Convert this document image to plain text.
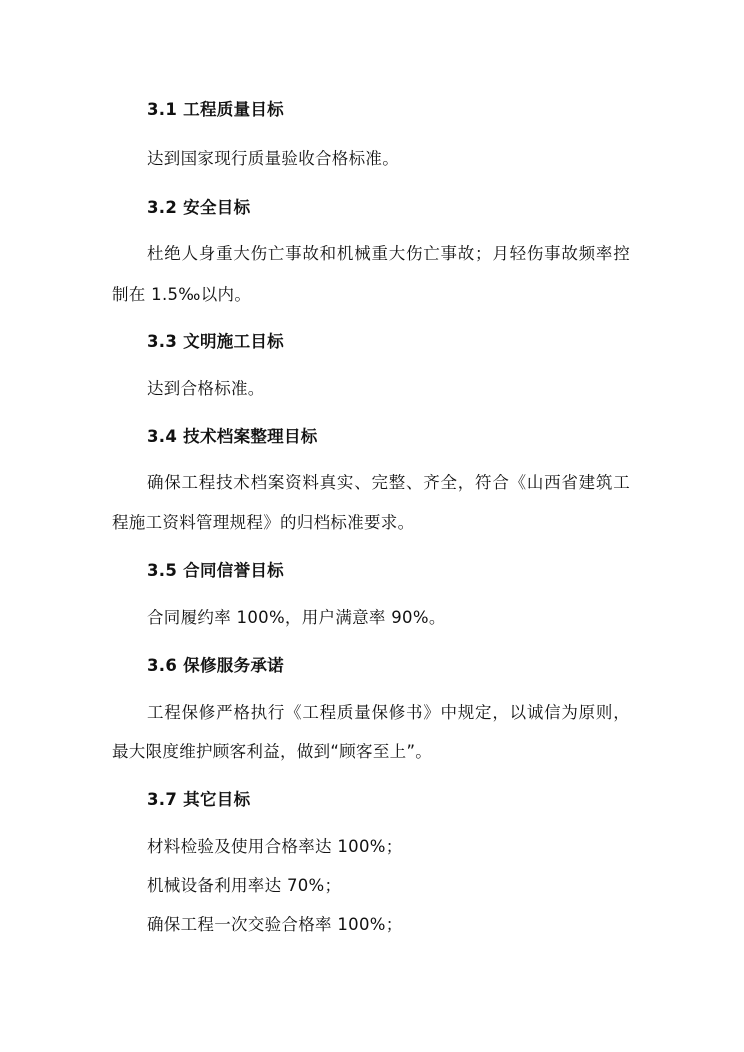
3.1 工程质量目标
达到国家现行质量验收合格标准。
3.2 安全目标
杜绝人身重大伤亡事故和机械重大伤亡事故；月轻伤事故频率控
制在 1.5‰以内。
3.3 文明施工目标
达到合格标准。
3.4 技术档案整理目标
确保工程技术档案资料真实、完整、齐全，符合《山西省建筑工
程施工资料管理规程》的归档标准要求。
3.5 合同信誉目标
合同履约率 100%，用户满意率 90%。
3.6 保修服务承诺
工程保修严格执行《工程质量保修书》中规定，以诚信为原则，
最大限度维护顾客利益，做到“顾客至上”。
3.7 其它目标
材料检验及使用合格率达 100%；
机械设备利用率达 70%；
确保工程一次交验合格率 100%；
